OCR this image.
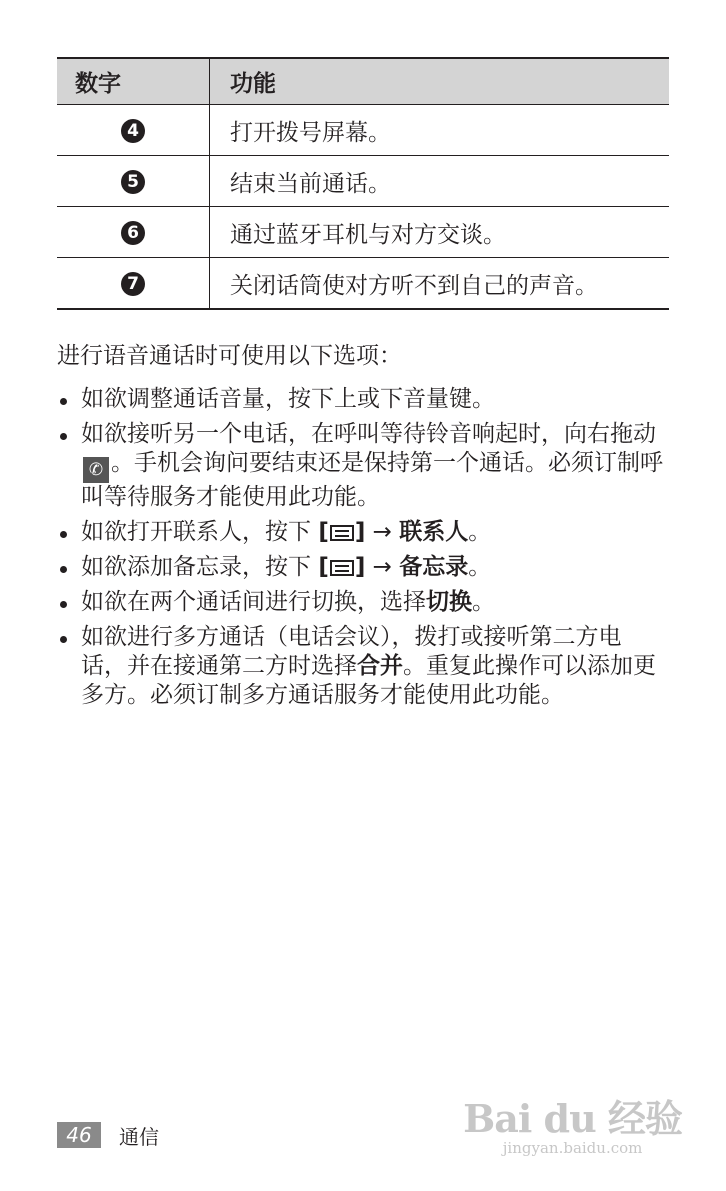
数字	功能
4	打开拨号屏幕。
5	结束当前通话。
6	通过蓝牙耳机与对方交谈。
7	关闭话筒使对方听不到自己的声音。

进行语音通话时可使用以下选项：

如欲调整通话音量，按下上或下音量键。
如欲接听另一个电话，在呼叫等待铃音响起时，向右拖动✆ 。手机会询问要结束还是保持第一个通话。必须订制呼叫等待服务才能使用此功能。
如欲打开联系人，按下 [ ] → 联系人。
如欲添加备忘录，按下 [ ] → 备忘录。
如欲在两个通话间进行切换，选择切换。
如欲进行多方通话（电话会议），拨打或接听第二方电话，并在接通第二方时选择合并。重复此操作可以添加更多方。必须订制多方通话服务才能使用此功能。
46	通信	Bai du 经验
jingyan.baidu.com
